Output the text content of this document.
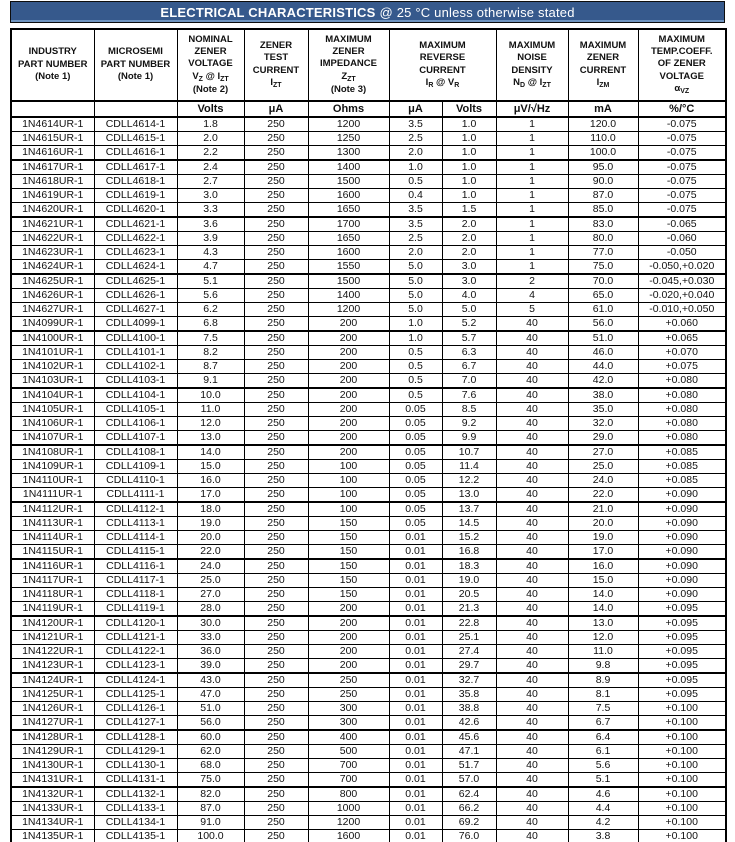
ELECTRICAL CHARACTERISTICS @ 25 °C unless otherwise stated
INDUSTRY
PART NUMBER
(Note 1)	MICROSEMI
PART NUMBER
(Note 1)	NOMINAL
ZENER
VOLTAGE
$V_Z$ @ $I_{ZT}$
(Note 2)	ZENER
TEST
CURRENT
$I_{ZT}$	MAXIMUM
ZENER
IMPEDANCE
$Z_{ZT}$
(Note 3)	MAXIMUM
REVERSE
CURRENT
$I_R$ @ $V_R$		MAXIMUM
NOISE
DENSITY
$N_D$ @ $I_{ZT}$	MAXIMUM
ZENER
CURRENT
$I_{ZM}$	MAXIMUM
TEMP.COEFF.
OF ZENER
VOLTAGE
$\alpha_{VZ}$
		Volts	μA	Ohms	μA	Volts	μV/√Hz	mA	%/°C
1N4614UR-1	CDLL4614-1	1.8	250	1200	3.5	1.0	1	120.0	-0.075
1N4615UR-1	CDLL4615-1	2.0	250	1250	2.5	1.0	1	110.0	-0.075
1N4616UR-1	CDLL4616-1	2.2	250	1300	2.0	1.0	1	100.0	-0.075
1N4617UR-1	CDLL4617-1	2.4	250	1400	1.0	1.0	1	95.0	-0.075
1N4618UR-1	CDLL4618-1	2.7	250	1500	0.5	1.0	1	90.0	-0.075
1N4619UR-1	CDLL4619-1	3.0	250	1600	0.4	1.0	1	87.0	-0.075
1N4620UR-1	CDLL4620-1	3.3	250	1650	3.5	1.5	1	85.0	-0.075
1N4621UR-1	CDLL4621-1	3.6	250	1700	3.5	2.0	1	83.0	-0.065
1N4622UR-1	CDLL4622-1	3.9	250	1650	2.5	2.0	1	80.0	-0.060
1N4623UR-1	CDLL4623-1	4.3	250	1600	2.0	2.0	1	77.0	-0.050
1N4624UR-1	CDLL4624-1	4.7	250	1550	5.0	3.0	1	75.0	-0.050,+0.020
1N4625UR-1	CDLL4625-1	5.1	250	1500	5.0	3.0	2	70.0	-0.045,+0.030
1N4626UR-1	CDLL4626-1	5.6	250	1400	5.0	4.0	4	65.0	-0.020,+0.040
1N4627UR-1	CDLL4627-1	6.2	250	1200	5.0	5.0	5	61.0	-0.010,+0.050
1N4099UR-1	CDLL4099-1	6.8	250	200	1.0	5.2	40	56.0	+0.060
1N4100UR-1	CDLL4100-1	7.5	250	200	1.0	5.7	40	51.0	+0.065
1N4101UR-1	CDLL4101-1	8.2	250	200	0.5	6.3	40	46.0	+0.070
1N4102UR-1	CDLL4102-1	8.7	250	200	0.5	6.7	40	44.0	+0.075
1N4103UR-1	CDLL4103-1	9.1	250	200	0.5	7.0	40	42.0	+0.080
1N4104UR-1	CDLL4104-1	10.0	250	200	0.5	7.6	40	38.0	+0.080
1N4105UR-1	CDLL4105-1	11.0	250	200	0.05	8.5	40	35.0	+0.080
1N4106UR-1	CDLL4106-1	12.0	250	200	0.05	9.2	40	32.0	+0.080
1N4107UR-1	CDLL4107-1	13.0	250	200	0.05	9.9	40	29.0	+0.080
1N4108UR-1	CDLL4108-1	14.0	250	200	0.05	10.7	40	27.0	+0.085
1N4109UR-1	CDLL4109-1	15.0	250	100	0.05	11.4	40	25.0	+0.085
1N4110UR-1	CDLL4110-1	16.0	250	100	0.05	12.2	40	24.0	+0.085
1N4111UR-1	CDLL4111-1	17.0	250	100	0.05	13.0	40	22.0	+0.090
1N4112UR-1	CDLL4112-1	18.0	250	100	0.05	13.7	40	21.0	+0.090
1N4113UR-1	CDLL4113-1	19.0	250	150	0.05	14.5	40	20.0	+0.090
1N4114UR-1	CDLL4114-1	20.0	250	150	0.01	15.2	40	19.0	+0.090
1N4115UR-1	CDLL4115-1	22.0	250	150	0.01	16.8	40	17.0	+0.090
1N4116UR-1	CDLL4116-1	24.0	250	150	0.01	18.3	40	16.0	+0.090
1N4117UR-1	CDLL4117-1	25.0	250	150	0.01	19.0	40	15.0	+0.090
1N4118UR-1	CDLL4118-1	27.0	250	150	0.01	20.5	40	14.0	+0.090
1N4119UR-1	CDLL4119-1	28.0	250	200	0.01	21.3	40	14.0	+0.095
1N4120UR-1	CDLL4120-1	30.0	250	200	0.01	22.8	40	13.0	+0.095
1N4121UR-1	CDLL4121-1	33.0	250	200	0.01	25.1	40	12.0	+0.095
1N4122UR-1	CDLL4122-1	36.0	250	200	0.01	27.4	40	11.0	+0.095
1N4123UR-1	CDLL4123-1	39.0	250	200	0.01	29.7	40	9.8	+0.095
1N4124UR-1	CDLL4124-1	43.0	250	250	0.01	32.7	40	8.9	+0.095
1N4125UR-1	CDLL4125-1	47.0	250	250	0.01	35.8	40	8.1	+0.095
1N4126UR-1	CDLL4126-1	51.0	250	300	0.01	38.8	40	7.5	+0.100
1N4127UR-1	CDLL4127-1	56.0	250	300	0.01	42.6	40	6.7	+0.100
1N4128UR-1	CDLL4128-1	60.0	250	400	0.01	45.6	40	6.4	+0.100
1N4129UR-1	CDLL4129-1	62.0	250	500	0.01	47.1	40	6.1	+0.100
1N4130UR-1	CDLL4130-1	68.0	250	700	0.01	51.7	40	5.6	+0.100
1N4131UR-1	CDLL4131-1	75.0	250	700	0.01	57.0	40	5.1	+0.100
1N4132UR-1	CDLL4132-1	82.0	250	800	0.01	62.4	40	4.6	+0.100
1N4133UR-1	CDLL4133-1	87.0	250	1000	0.01	66.2	40	4.4	+0.100
1N4134UR-1	CDLL4134-1	91.0	250	1200	0.01	69.2	40	4.2	+0.100
1N4135UR-1	CDLL4135-1	100.0	250	1600	0.01	76.0	40	3.8	+0.100
